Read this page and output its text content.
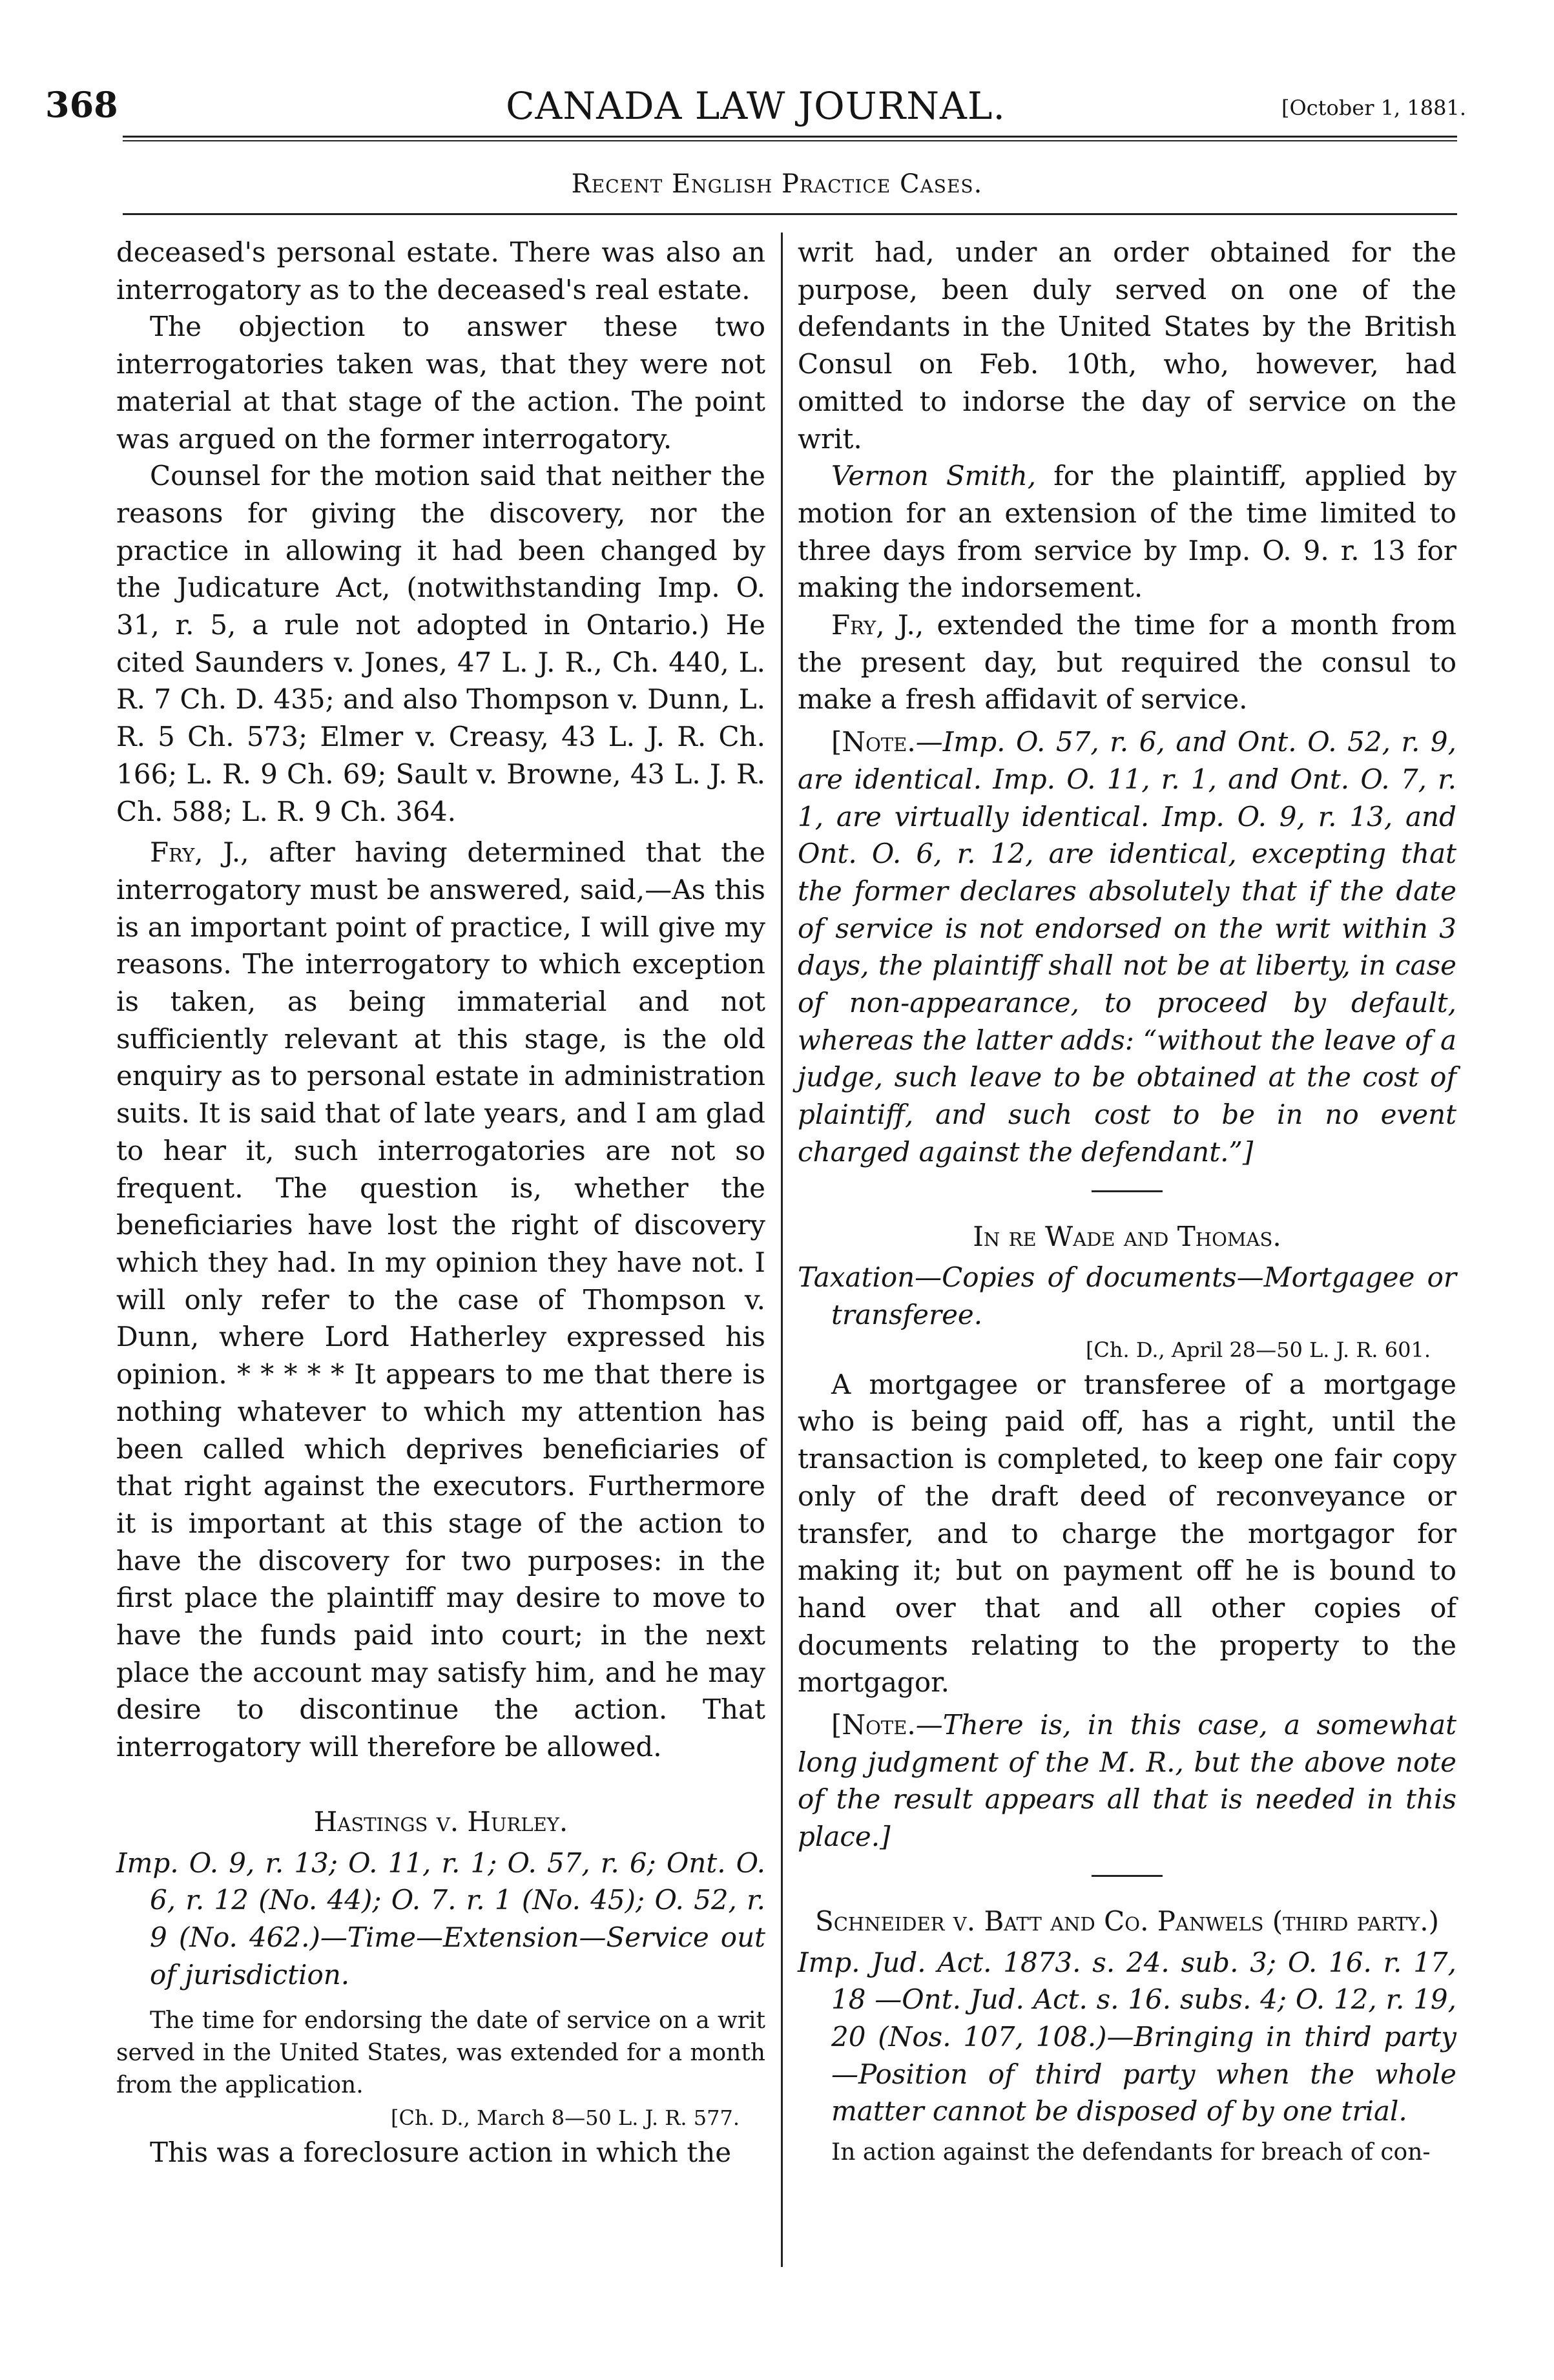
368	CANADA LAW JOURNAL.	[October 1, 1881.
Recent English Practice Cases.

deceased's personal estate. There was also an interrogatory as to the deceased's real estate.

The objection to answer these two interrogatories taken was, that they were not material at that stage of the action. The point was argued on the former interrogatory.

Counsel for the motion said that neither the reasons for giving the discovery, nor the practice in allowing it had been changed by the Judicature Act, (notwithstanding Imp. O. 31, r. 5, a rule not adopted in Ontario.) He cited Saunders v. Jones, 47 L. J. R., Ch. 440, L. R. 7 Ch. D. 435; and also Thompson v. Dunn, L. R. 5 Ch. 573; Elmer v. Creasy, 43 L. J. R. Ch. 166; L. R. 9 Ch. 69; Sault v. Browne, 43 L. J. R. Ch. 588; L. R. 9 Ch. 364.

Fry, J., after having determined that the interrogatory must be answered, said,—As this is an important point of practice, I will give my reasons. The interrogatory to which exception is taken, as being immaterial and not sufficiently relevant at this stage, is the old enquiry as to personal estate in administration suits. It is said that of late years, and I am glad to hear it, such interrogatories are not so frequent. The question is, whether the beneficiaries have lost the right of discovery which they had. In my opinion they have not. I will only refer to the case of Thompson v. Dunn, where Lord Hatherley expressed his opinion. * * * * * It appears to me that there is nothing whatever to which my attention has been called which deprives beneficiaries of that right against the executors. Furthermore it is important at this stage of the action to have the discovery for two purposes: in the first place the plaintiff may desire to move to have the funds paid into court; in the next place the account may satisfy him, and he may desire to discontinue the action. That interrogatory will therefore be allowed.

Hastings v. Hurley.

Imp. O. 9, r. 13; O. 11, r. 1; O. 57, r. 6; Ont. O. 6, r. 12 (No. 44); O. 7. r. 1 (No. 45); O. 52, r. 9 (No. 462.)—Time—Extension—Service out of jurisdiction.

The time for endorsing the date of service on a writ served in the United States, was extended for a month from the application.

[Ch. D., March 8—50 L. J. R. 577.

This was a foreclosure action in which the

writ had, under an order obtained for the purpose, been duly served on one of the defendants in the United States by the British Consul on Feb. 10th, who, however, had omitted to indorse the day of service on the writ.

Vernon Smith, for the plaintiff, applied by motion for an extension of the time limited to three days from service by Imp. O. 9. r. 13 for making the indorsement.

Fry, J., extended the time for a month from the present day, but required the consul to make a fresh affidavit of service.

[Note.—Imp. O. 57, r. 6, and Ont. O. 52, r. 9, are identical. Imp. O. 11, r. 1, and Ont. O. 7, r. 1, are virtually identical. Imp. O. 9, r. 13, and Ont. O. 6, r. 12, are identical, excepting that the former declares absolutely that if the date of service is not endorsed on the writ within 3 days, the plaintiff shall not be at liberty, in case of non-appearance, to proceed by default, whereas the latter adds: “without the leave of a judge, such leave to be obtained at the cost of plaintiff, and such cost to be in no event charged against the defendant.”]

In re Wade and Thomas.

Taxation—Copies of documents—Mortgagee or transferee.

[Ch. D., April 28—50 L. J. R. 601.

A mortgagee or transferee of a mortgage who is being paid off, has a right, until the transaction is completed, to keep one fair copy only of the draft deed of reconveyance or transfer, and to charge the mortgagor for making it; but on payment off he is bound to hand over that and all other copies of documents relating to the property to the mortgagor.

[Note.—There is, in this case, a somewhat long judgment of the M. R., but the above note of the result appears all that is needed in this place.]

Schneider v. Batt and Co. Panwels (third party.)

Imp. Jud. Act. 1873. s. 24. sub. 3; O. 16. r. 17, 18 —Ont. Jud. Act. s. 16. subs. 4; O. 12, r. 19, 20 (Nos. 107, 108.)—Bringing in third party—Position of third party when the whole matter cannot be disposed of by one trial.

In action against the defendants for breach of con-
